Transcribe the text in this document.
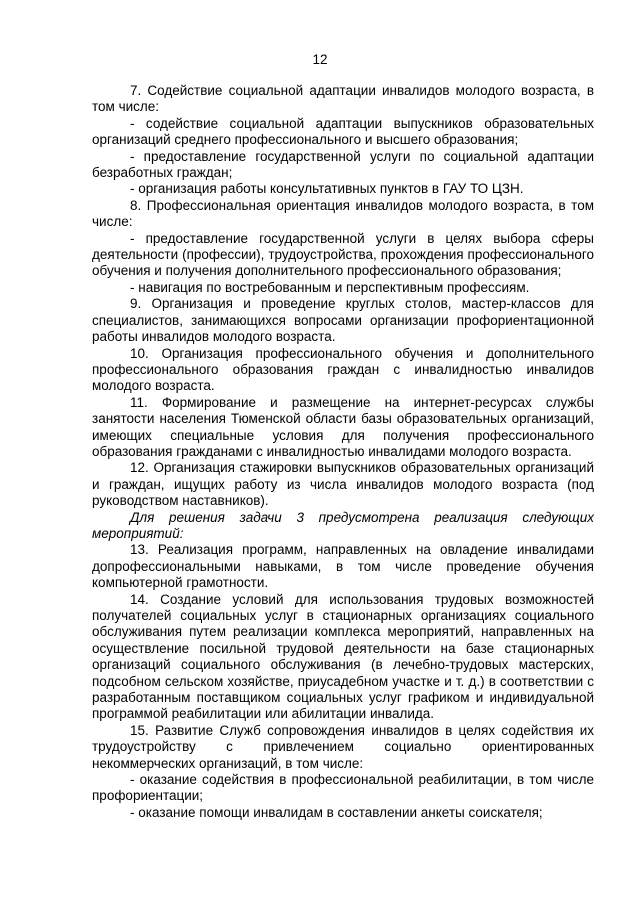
12

7. Содействие социальной адаптации инвалидов молодого возраста, в том числе:

- содействие социальной адаптации выпускников образовательных организаций среднего профессионального и высшего образования;

- предоставление государственной услуги по социальной адаптации безработных граждан;

- организация работы консультативных пунктов в ГАУ ТО ЦЗН.

8. Профессиональная ориентация инвалидов молодого возраста, в том числе:

- предоставление государственной услуги в целях выбора сферы деятельности (профессии), трудоустройства, прохождения профессионального обучения и получения дополнительного профессионального образования;

- навигация по востребованным и перспективным профессиям.

9. Организация и проведение круглых столов, мастер-классов для специалистов, занимающихся вопросами организации профориентационной работы инвалидов молодого возраста.

10. Организация профессионального обучения и дополнительного профессионального образования граждан с инвалидностью инвалидов молодого возраста.

11. Формирование и размещение на интернет-ресурсах службы занятости населения Тюменской области базы образовательных организаций, имеющих специальные условия для получения профессионального образования гражданами с инвалидностью инвалидами молодого возраста.

12. Организация стажировки выпускников образовательных организаций и граждан, ищущих работу из числа инвалидов молодого возраста (под руководством наставников).

Для решения задачи 3 предусмотрена реализация следующих мероприятий:

13. Реализация программ, направленных на овладение инвалидами допрофессиональными навыками, в том числе проведение обучения компьютерной грамотности.

14. Создание условий для использования трудовых возможностей получателей социальных услуг в стационарных организациях социального обслуживания путем реализации комплекса мероприятий, направленных на осуществление посильной трудовой деятельности на базе стационарных организаций социального обслуживания (в лечебно-трудовых мастерских, подсобном сельском хозяйстве, приусадебном участке и т. д.) в соответствии с разработанным поставщиком социальных услуг графиком и индивидуальной программой реабилитации или абилитации инвалида.

15. Развитие Служб сопровождения инвалидов в целях содействия их трудоустройству с привлечением социально ориентированных некоммерческих организаций, в том числе:

- оказание содействия в профессиональной реабилитации, в том числе профориентации;

- оказание помощи инвалидам в составлении анкеты соискателя;
